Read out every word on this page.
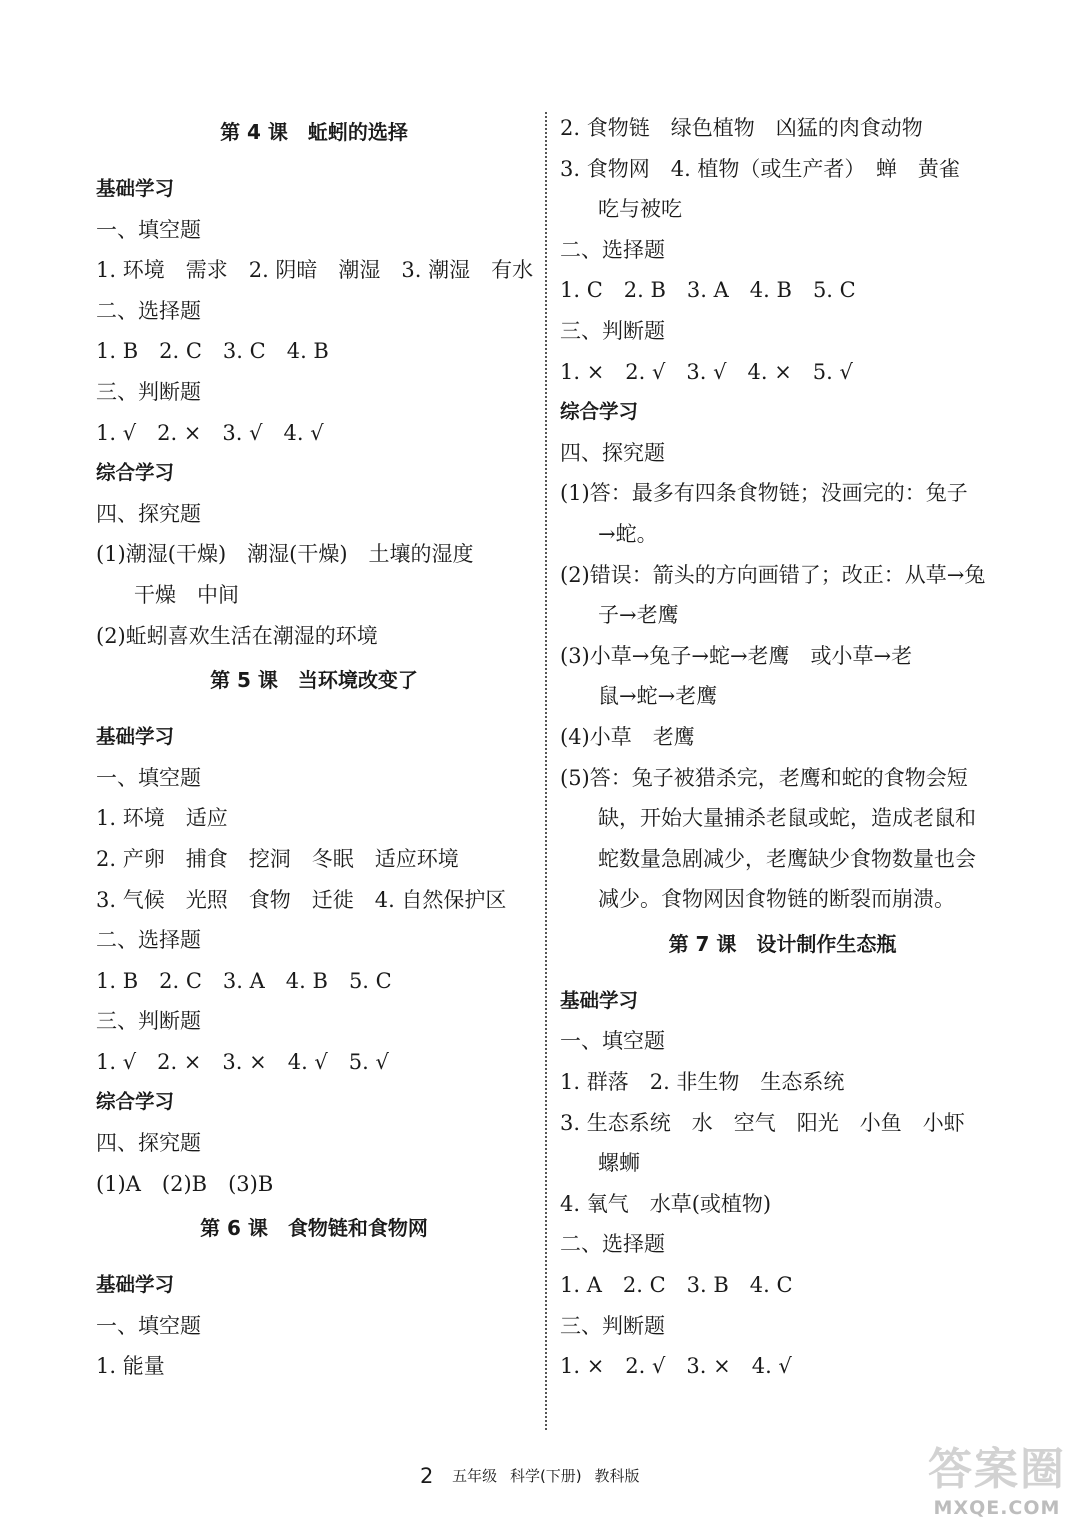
第 4 课　蚯蚓的选择
基础学习
一、填空题
1. 环境　需求　2. 阴暗　潮湿　3. 潮湿　有水
二、选择题
1. B　2. C　3. C　4. B
三、判断题
1. √　2. ×　3. √　4. √
综合学习
四、探究题
(1)潮湿(干燥)　潮湿(干燥)　土壤的湿度
干燥　中间
(2)蚯蚓喜欢生活在潮湿的环境
第 5 课　当环境改变了
基础学习
一、填空题
1. 环境　适应
2. 产卵　捕食　挖洞　冬眠　适应环境
3. 气候　光照　食物　迁徙　4. 自然保护区
二、选择题
1. B　2. C　3. A　4. B　5. C
三、判断题
1. √　2. ×　3. ×　4. √　5. √
综合学习
四、探究题
(1)A　(2)B　(3)B
第 6 课　食物链和食物网
基础学习
一、填空题
1. 能量
2. 食物链　绿色植物　凶猛的肉食动物
3. 食物网　4. 植物（或生产者）　蝉　黄雀
吃与被吃
二、选择题
1. C　2. B　3. A　4. B　5. C
三、判断题
1. ×　2. √　3. √　4. ×　5. √
综合学习
四、探究题
(1)答：最多有四条食物链；没画完的：兔子
→蛇。
(2)错误：箭头的方向画错了；改正：从草→兔
子→老鹰
(3)小草→兔子→蛇→老鹰　或小草→老
鼠→蛇→老鹰
(4)小草　老鹰
(5)答：兔子被猎杀完，老鹰和蛇的食物会短
缺，开始大量捕杀老鼠或蛇，造成老鼠和
蛇数量急剧减少，老鹰缺少食物数量也会
减少。食物网因食物链的断裂而崩溃。
第 7 课　设计制作生态瓶
基础学习
一、填空题
1. 群落　2. 非生物　生态系统
3. 生态系统　水　空气　阳光　小鱼　小虾
螺蛳
4. 氧气　水草(或植物)
二、选择题
1. A　2. C　3. B　4. C
三、判断题
1. ×　2. √　3. ×　4. √
2 五年级 科学(下册) 教科版	答案圈
MXQE.COM
